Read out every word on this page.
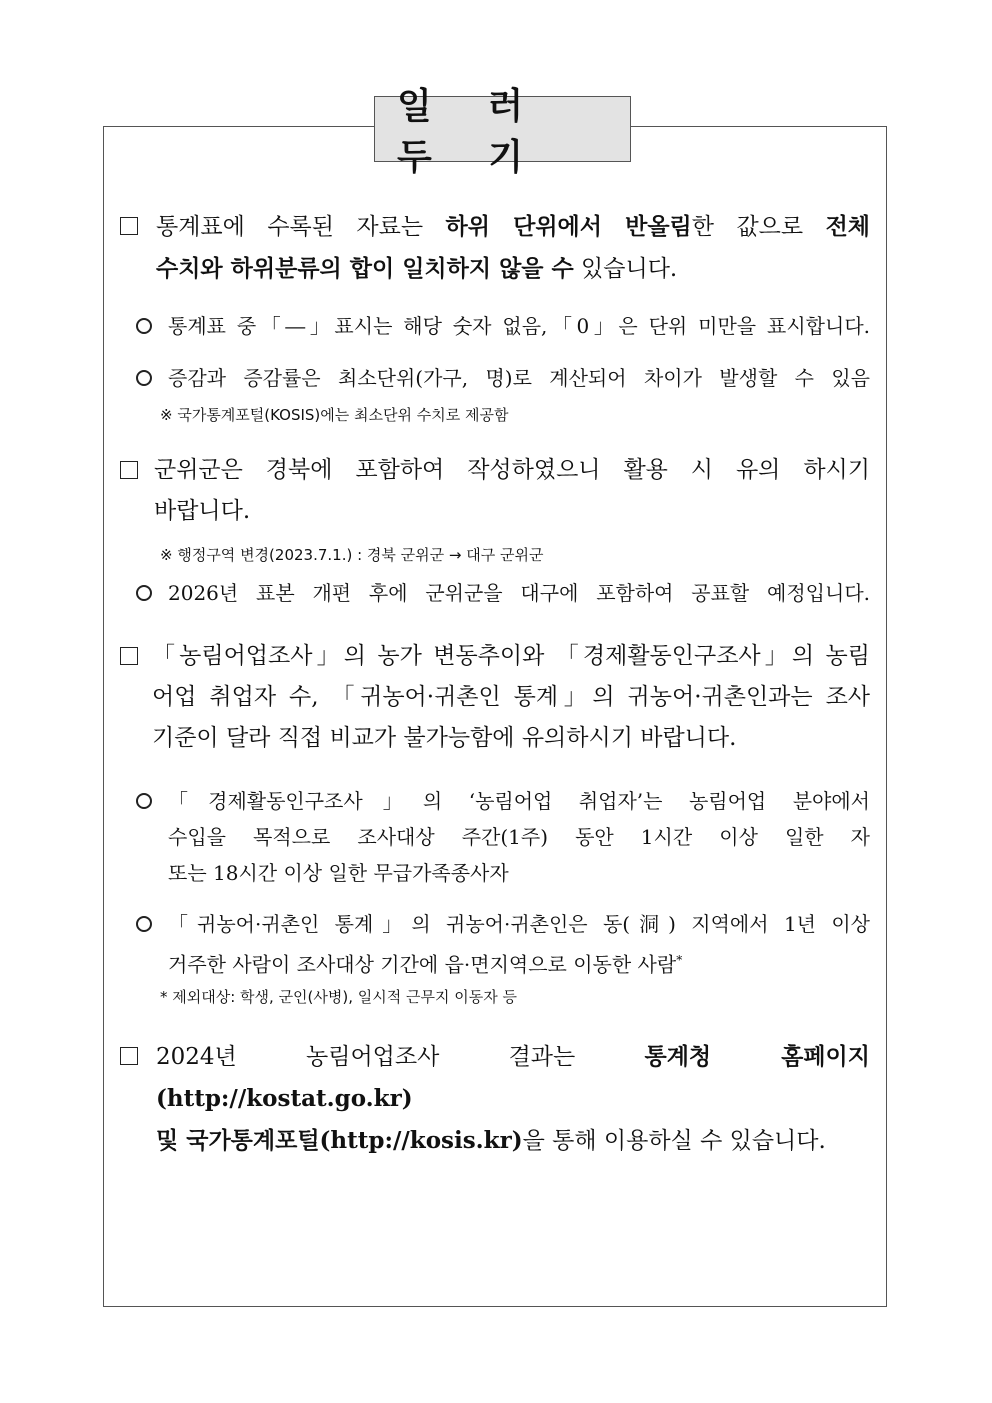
일 러 두 기
통계표에 수록된 자료는 하위 단위에서 반올림한 값으로 전체
수치와 하위분류의 합이 일치하지 않을 수 있습니다.
통계표 중「―」표시는 해당 숫자 없음,「0」은 단위 미만을 표시합니다.
증감과 증감률은 최소단위(가구, 명)로 계산되어 차이가 발생할 수 있음
※ 국가통계포털(KOSIS)에는 최소단위 수치로 제공함
군위군은 경북에 포함하여 작성하였으니 활용 시 유의 하시기
바랍니다.
※ 행정구역 변경(2023.7.1.) : 경북 군위군 → 대구 군위군
2026년 표본 개편 후에 군위군을 대구에 포함하여 공표할 예정입니다.
「농림어업조사」의 농가 변동추이와 「경제활동인구조사」의 농림
어업 취업자 수, 「귀농어·귀촌인 통계」의 귀농어·귀촌인과는 조사
기준이 달라 직접 비교가 불가능함에 유의하시기 바랍니다.
「경제활동인구조사」의 ‘농림어업 취업자’는 농림어업 분야에서
수입을 목적으로 조사대상 주간(1주) 동안 1시간 이상 일한 자
또는 18시간 이상 일한 무급가족종사자
「귀농어·귀촌인 통계」의 귀농어·귀촌인은 동(洞) 지역에서 1년 이상
거주한 사람이 조사대상 기간에 읍·면지역으로 이동한 사람*
* 제외대상: 학생, 군인(사병), 일시적 근무지 이동자 등
2024년 농림어업조사 결과는 통계청 홈페이지(http://kostat.go.kr)
및 국가통계포털(http://kosis.kr)을 통해 이용하실 수 있습니다.
